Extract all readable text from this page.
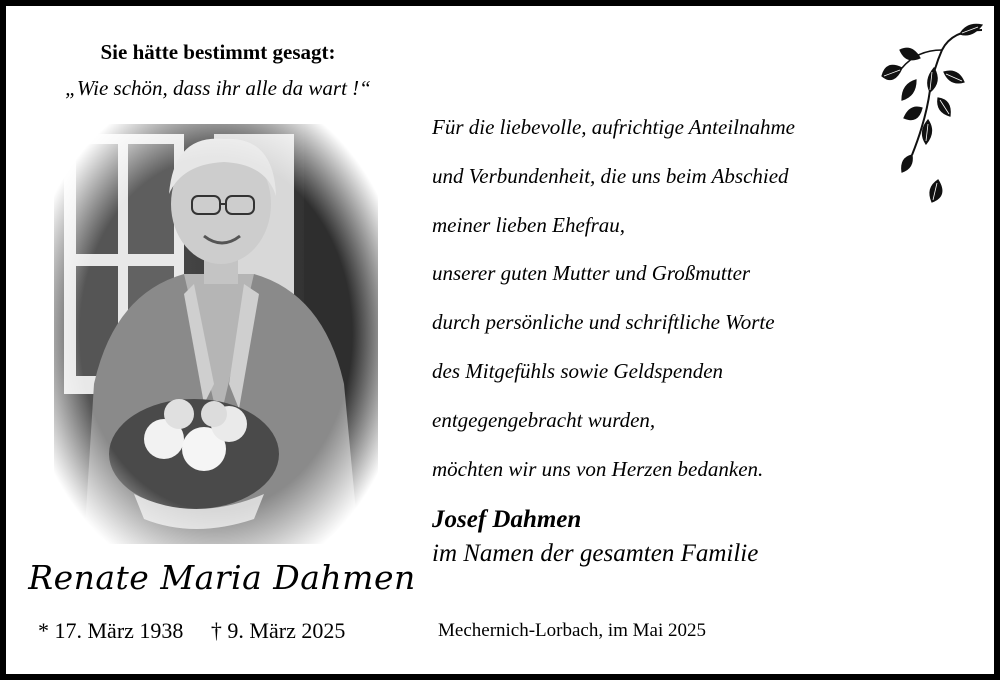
Sie hätte bestimmt gesagt:
„Wie schön, dass ihr alle da wart !“
Renate Maria Dahmen
* 17. März 1938 † 9. März 2025
Für die liebevolle, aufrichtige Anteilnahme
und Verbundenheit, die uns beim Abschied
meiner lieben Ehefrau,
unserer guten Mutter und Großmutter
durch persönliche und schriftliche Worte
des Mitgefühls sowie Geldspenden
entgegengebracht wurden,
möchten wir uns von Herzen bedanken.
Josef Dahmen
im Namen der gesamten Familie
Mechernich-Lorbach, im Mai 2025
